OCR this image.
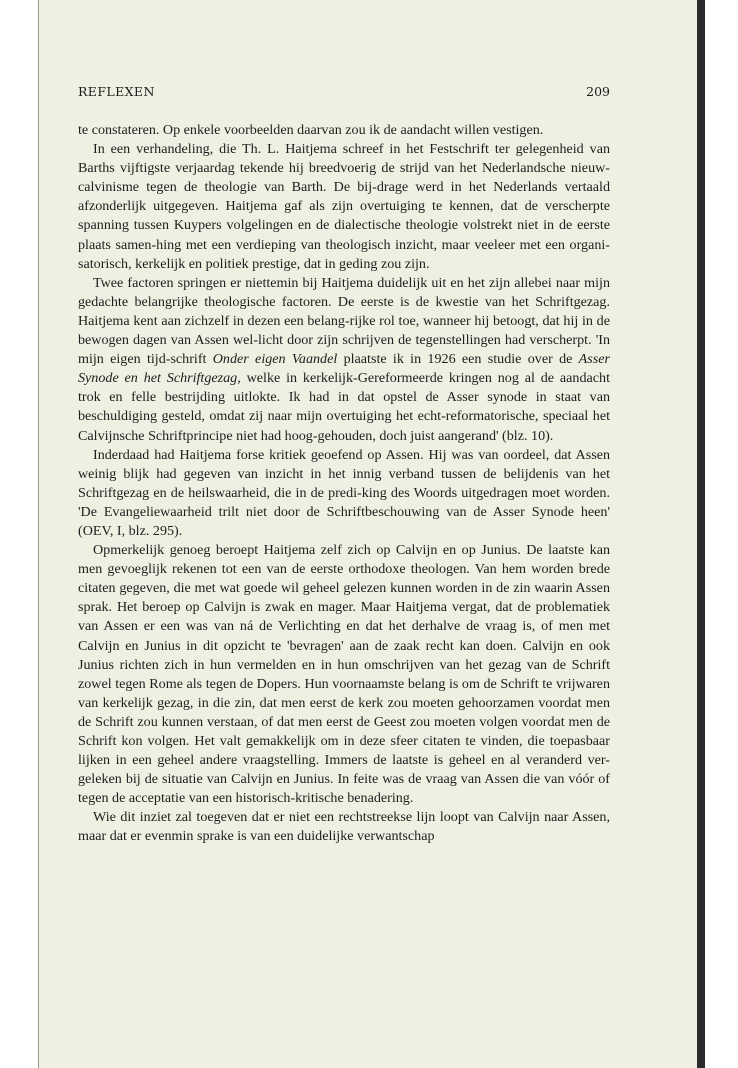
REFLEXEN	209

te constateren. Op enkele voorbeelden daarvan zou ik de aandacht willen vestigen.

In een verhandeling, die Th. L. Haitjema schreef in het Festschrift ter gelegenheid van Barths vijftigste verjaardag tekende hij breedvoerig de strijd van het Nederlandsche nieuw-calvinisme tegen de theologie van Barth. De bij-drage werd in het Nederlands vertaald afzonderlijk uitgegeven. Haitjema gaf als zijn overtuiging te kennen, dat de verscherpte spanning tussen Kuypers volgelingen en de dialectische theologie volstrekt niet in de eerste plaats samen-hing met een verdieping van theologisch inzicht, maar veeleer met een organi-satorisch, kerkelijk en politiek prestige, dat in geding zou zijn.

Twee factoren springen er niettemin bij Haitjema duidelijk uit en het zijn allebei naar mijn gedachte belangrijke theologische factoren. De eerste is de kwestie van het Schriftgezag. Haitjema kent aan zichzelf in dezen een belang-rijke rol toe, wanneer hij betoogt, dat hij in de bewogen dagen van Assen wel-licht door zijn schrijven de tegenstellingen had verscherpt. 'In mijn eigen tijd-schrift Onder eigen Vaandel plaatste ik in 1926 een studie over de Asser Synode en het Schriftgezag, welke in kerkelijk-Gereformeerde kringen nog al de aandacht trok en felle bestrijding uitlokte. Ik had in dat opstel de Asser synode in staat van beschuldiging gesteld, omdat zij naar mijn overtuiging het echt-reformatorische, speciaal het Calvijnsche Schriftprincipe niet had hoog-gehouden, doch juist aangerand' (blz. 10).

Inderdaad had Haitjema forse kritiek geoefend op Assen. Hij was van oordeel, dat Assen weinig blijk had gegeven van inzicht in het innig verband tussen de belijdenis van het Schriftgezag en de heilswaarheid, die in de predi-king des Woords uitgedragen moet worden. 'De Evangeliewaarheid trilt niet door de Schriftbeschouwing van de Asser Synode heen' (OEV, I, blz. 295).

Opmerkelijk genoeg beroept Haitjema zelf zich op Calvijn en op Junius. De laatste kan men gevoeglijk rekenen tot een van de eerste orthodoxe theologen. Van hem worden brede citaten gegeven, die met wat goede wil geheel gelezen kunnen worden in de zin waarin Assen sprak. Het beroep op Calvijn is zwak en mager. Maar Haitjema vergat, dat de problematiek van Assen er een was van ná de Verlichting en dat het derhalve de vraag is, of men met Calvijn en Junius in dit opzicht te 'bevragen' aan de zaak recht kan doen. Calvijn en ook Junius richten zich in hun vermelden en in hun omschrijven van het gezag van de Schrift zowel tegen Rome als tegen de Dopers. Hun voornaamste belang is om de Schrift te vrijwaren van kerkelijk gezag, in die zin, dat men eerst de kerk zou moeten gehoorzamen voordat men de Schrift zou kunnen verstaan, of dat men eerst de Geest zou moeten volgen voordat men de Schrift kon volgen. Het valt gemakkelijk om in deze sfeer citaten te vinden, die toepasbaar lijken in een geheel andere vraagstelling. Immers de laatste is geheel en al veranderd ver-geleken bij de situatie van Calvijn en Junius. In feite was de vraag van Assen die van vóór of tegen de acceptatie van een historisch-kritische benadering.

Wie dit inziet zal toegeven dat er niet een rechtstreekse lijn loopt van Calvijn naar Assen, maar dat er evenmin sprake is van een duidelijke verwantschap
